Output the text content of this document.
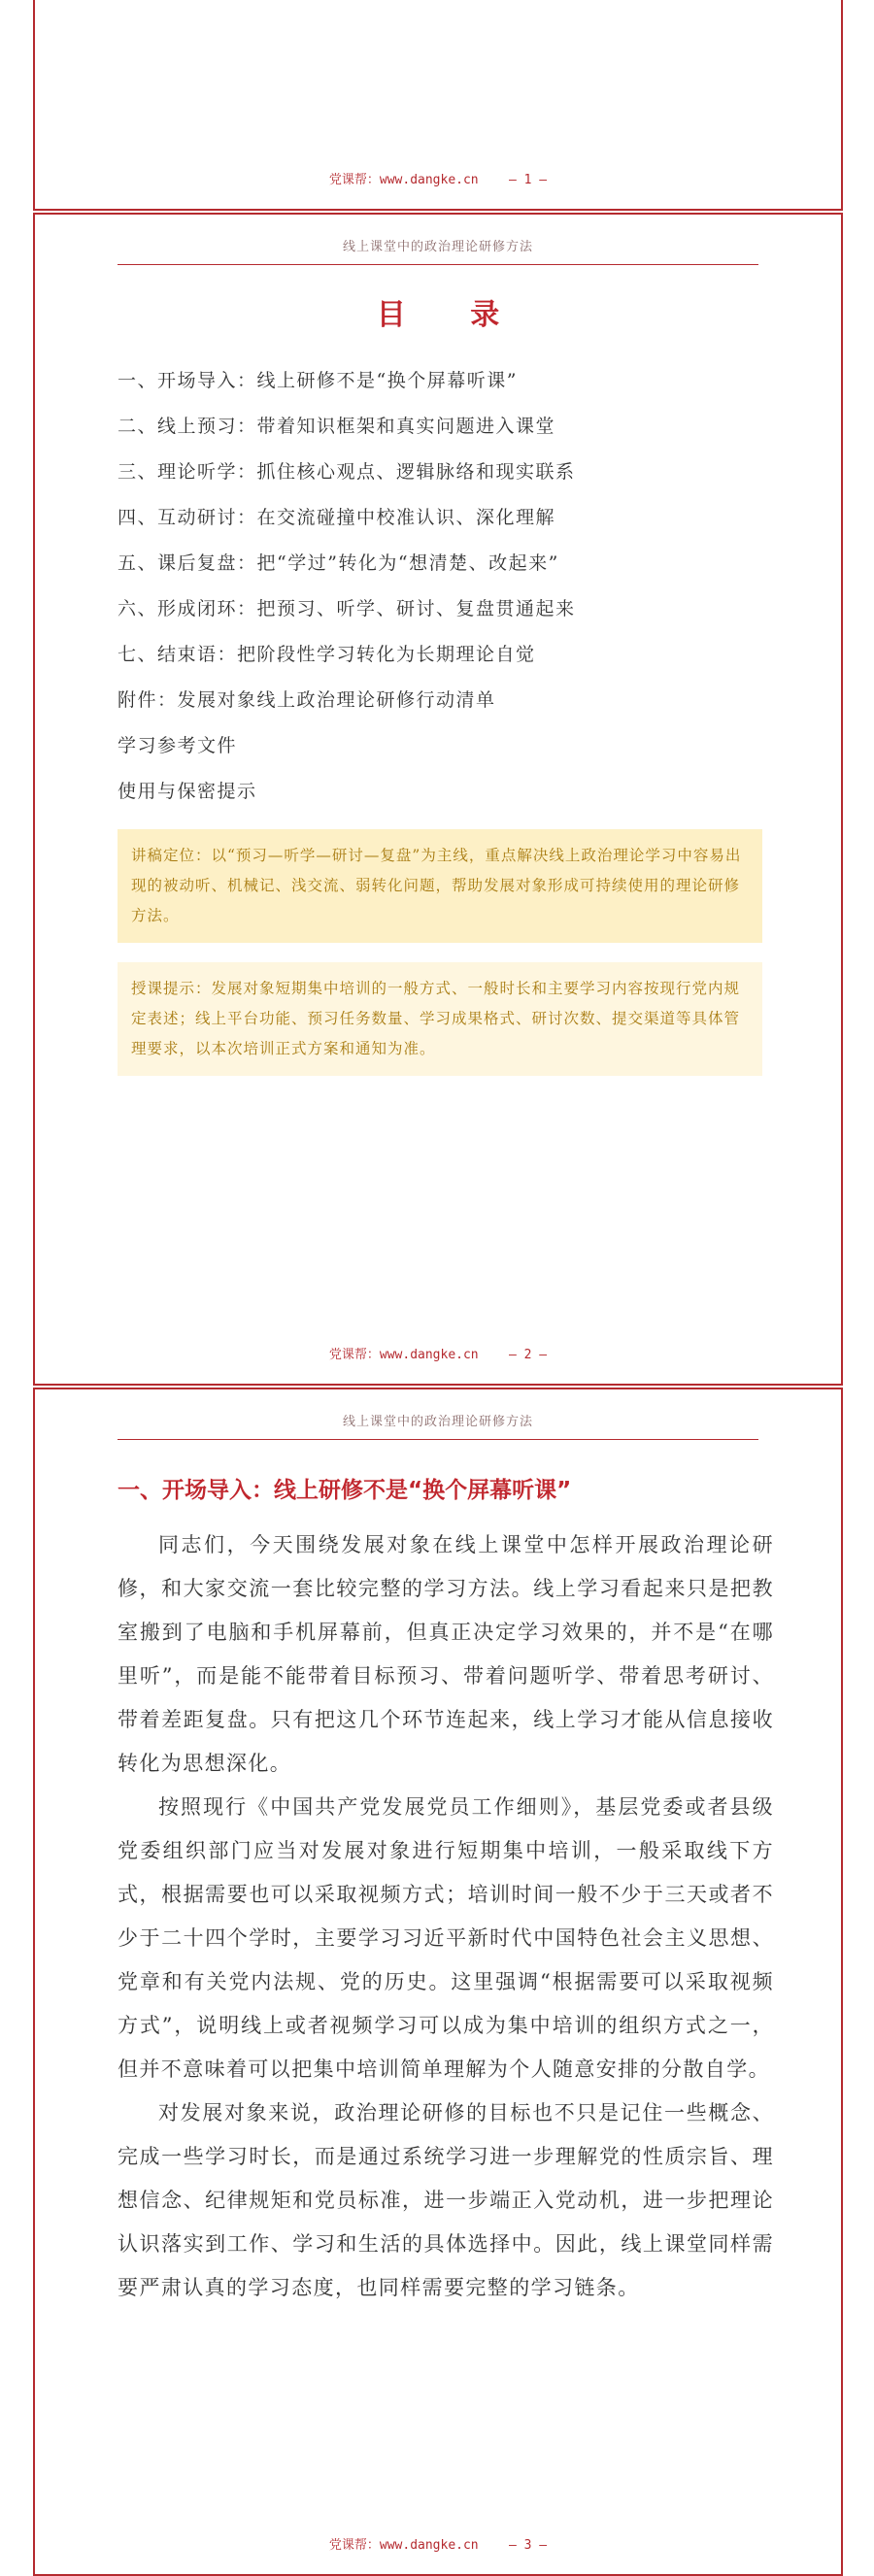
党课帮：www.dangke.cn — 1 —
线上课堂中的政治理论研修方法
目 录
一、开场导入：线上研修不是“换个屏幕听课”
二、线上预习：带着知识框架和真实问题进入课堂
三、理论听学：抓住核心观点、逻辑脉络和现实联系
四、互动研讨：在交流碰撞中校准认识、深化理解
五、课后复盘：把“学过”转化为“想清楚、改起来”
六、形成闭环：把预习、听学、研讨、复盘贯通起来
七、结束语：把阶段性学习转化为长期理论自觉
附件：发展对象线上政治理论研修行动清单
学习参考文件
使用与保密提示
讲稿定位：以“预习—听学—研讨—复盘”为主线，重点解决线上政治理论学习中容易出现的被动听、机械记、浅交流、弱转化问题，帮助发展对象形成可持续使用的理论研修方法。
授课提示：发展对象短期集中培训的一般方式、一般时长和主要学习内容按现行党内规定表述；线上平台功能、预习任务数量、学习成果格式、研讨次数、提交渠道等具体管理要求，以本次培训正式方案和通知为准。
党课帮：www.dangke.cn — 2 —
线上课堂中的政治理论研修方法
一、开场导入：线上研修不是“换个屏幕听课”

同志们，今天围绕发展对象在线上课堂中怎样开展政治理论研修，和大家交流一套比较完整的学习方法。线上学习看起来只是把教室搬到了电脑和手机屏幕前，但真正决定学习效果的，并不是“在哪里听”，而是能不能带着目标预习、带着问题听学、带着思考研讨、带着差距复盘。只有把这几个环节连起来，线上学习才能从信息接收转化为思想深化。

按照现行《中国共产党发展党员工作细则》，基层党委或者县级党委组织部门应当对发展对象进行短期集中培训，一般采取线下方式，根据需要也可以采取视频方式；培训时间一般不少于三天或者不少于二十四个学时，主要学习习近平新时代中国特色社会主义思想、党章和有关党内法规、党的历史。这里强调“根据需要可以采取视频方式”，说明线上或者视频学习可以成为集中培训的组织方式之一，但并不意味着可以把集中培训简单理解为个人随意安排的分散自学。

对发展对象来说，政治理论研修的目标也不只是记住一些概念、完成一些学习时长，而是通过系统学习进一步理解党的性质宗旨、理想信念、纪律规矩和党员标准，进一步端正入党动机，进一步把理论认识落实到工作、学习和生活的具体选择中。因此，线上课堂同样需要严肃认真的学习态度，也同样需要完整的学习链条。

党课帮：www.dangke.cn — 3 —
